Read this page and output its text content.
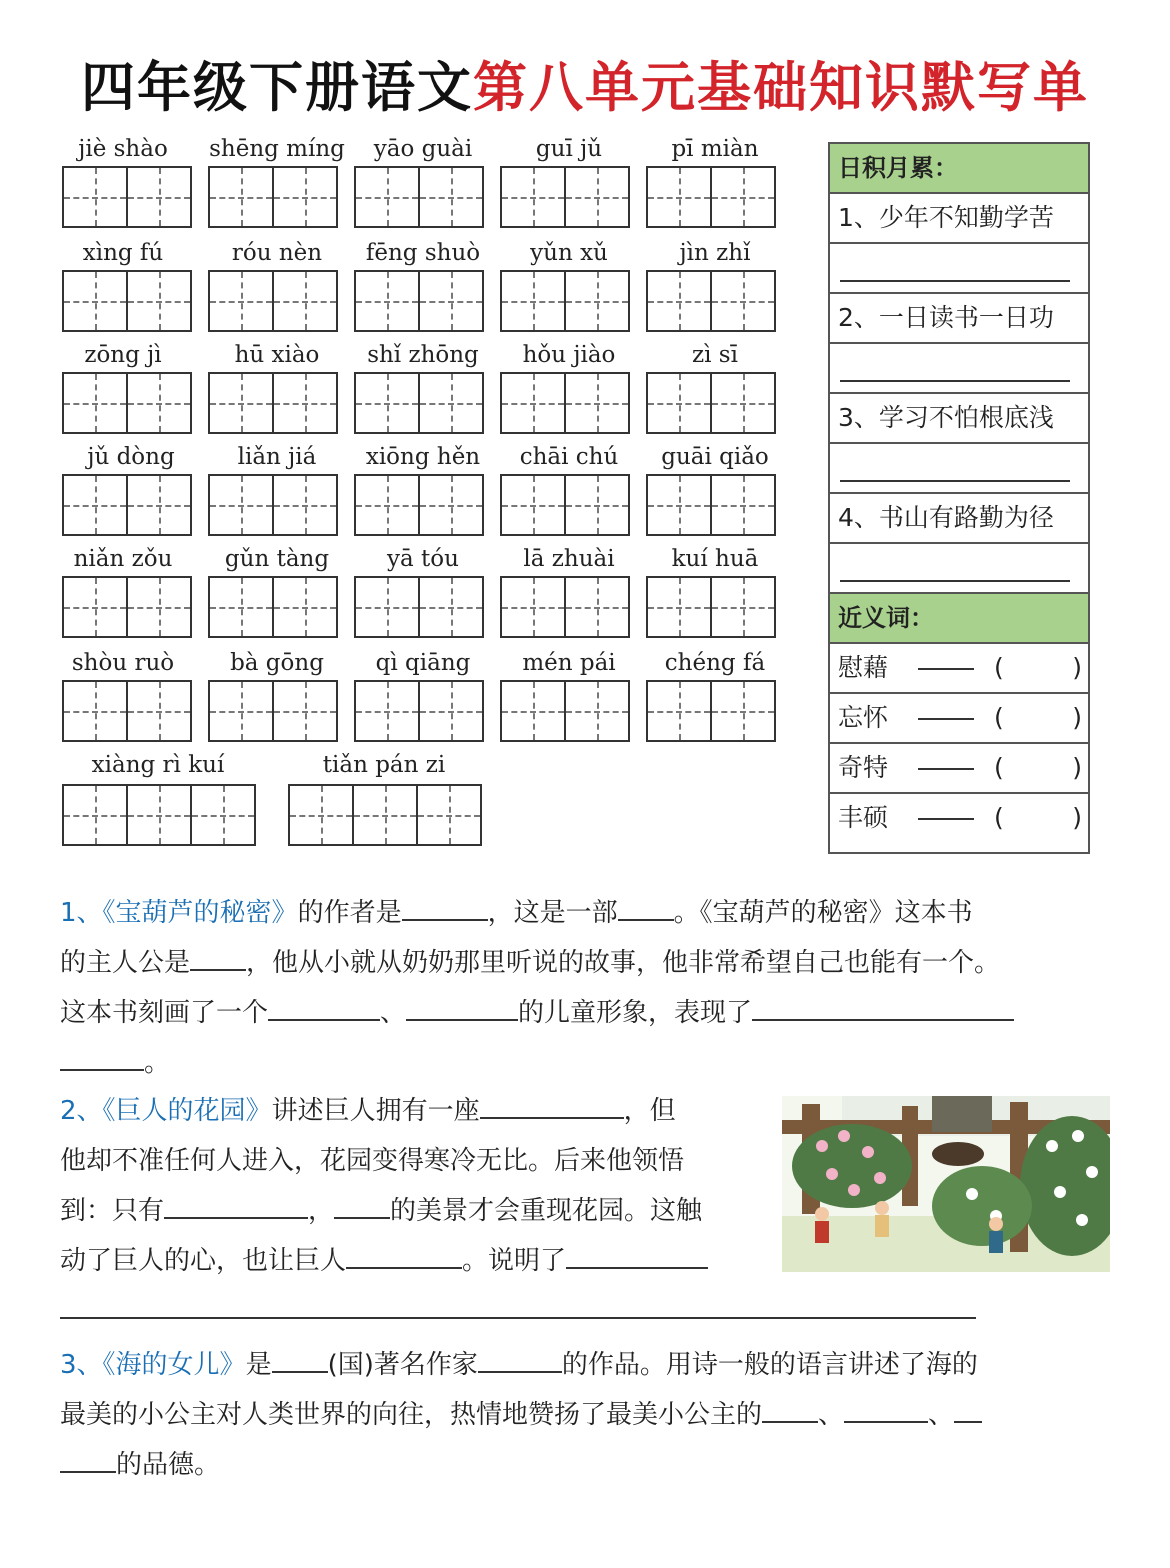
四年级下册语文第八单元基础知识默写单
jiè shào	shēng míng	yāo guài	guī jǔ	pī miàn
xìng fú	róu nèn	fēng shuò	yǔn xǔ	jìn zhǐ
zōng jì	hū xiào	shǐ zhōng	hǒu jiào	zì sī
jǔ dòng	liǎn jiá	xiōng hěn	chāi chú	guāi qiǎo
niǎn zǒu	gǔn tàng	yā tóu	lā zhuài	kuí huā
shòu ruò	bà gōng	qì qiāng	mén pái	chéng fá
xiàng rì kuí	tiǎn pán zi
日积月累：
1、少年不知勤学苦
2、一日读书一日功
3、学习不怕根底浅
4、书山有路勤为径
近义词：
慰藉	(	)
忘怀	(	)
奇特	(	)
丰硕	(	)
1、《宝葫芦的秘密》的作者是	，这是一部 。《宝葫芦的秘密》这本书
的主人公是 ，他从小就从奶奶那里听说的故事，他非常希望自己也能有一个。
这本书刻画了一个	、	的儿童形象，表现了
。
2、《巨人的花园》讲述巨人拥有一座	，但
他却不准任何人进入，花园变得寒冷无比。后来他领悟
到：只有	， 的美景才会重现花园。这触
动了巨人的心，也让巨人	。说明了
3、《海的女儿》是 (国)著名作家	的作品。用诗一般的语言讲述了海的
最美的小公主对人类世界的向往，热情地赞扬了最美小公主的 、	、
的品德。
